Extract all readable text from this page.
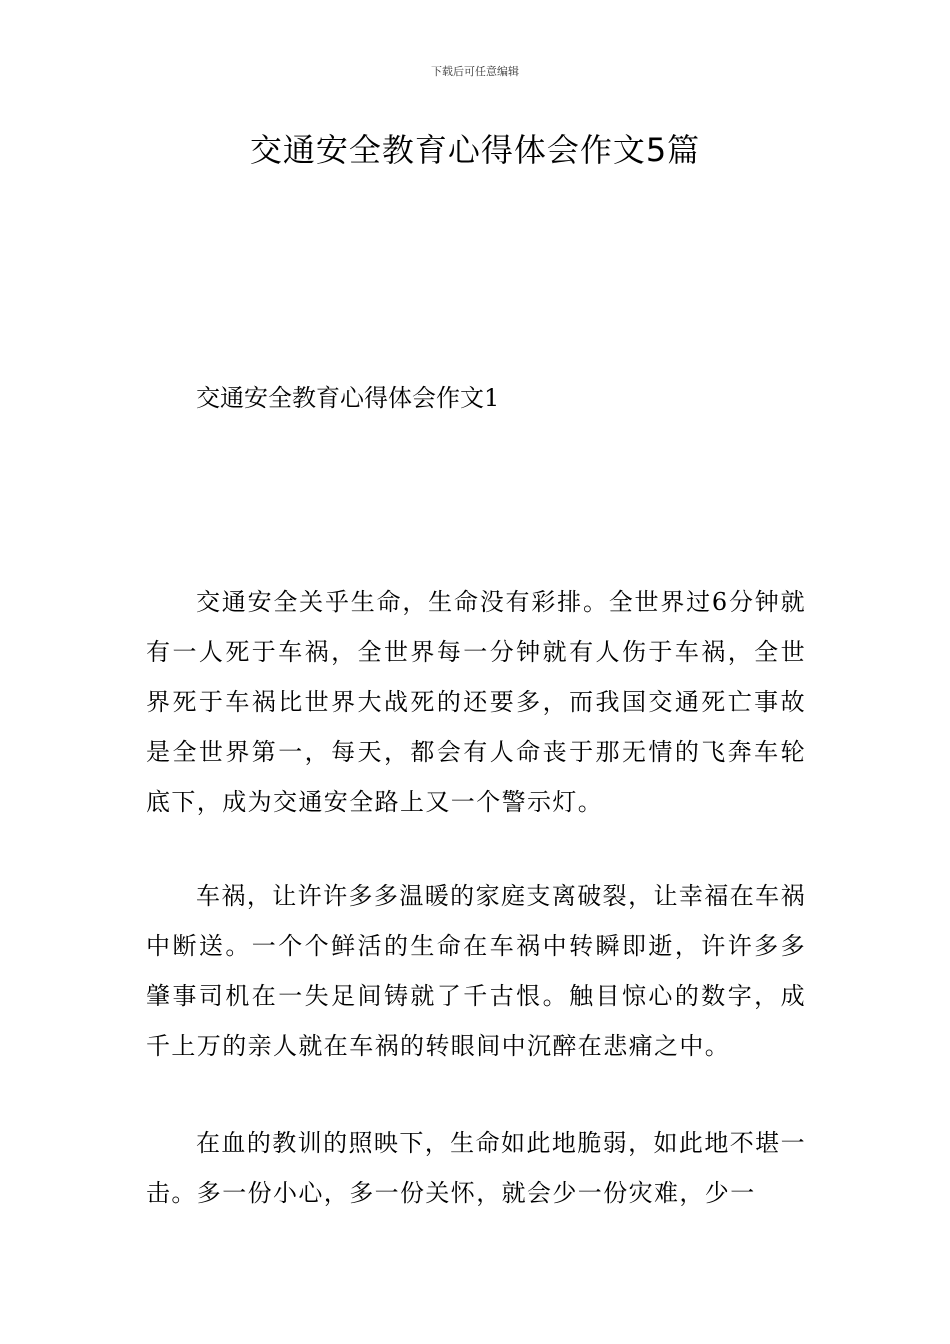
下载后可任意编辑
交通安全教育心得体会作文5篇
交通安全教育心得体会作文1

交通安全关乎生命，生命没有彩排。全世界过6分钟就有一人死于车祸，全世界每一分钟就有人伤于车祸，全世界死于车祸比世界大战死的还要多，而我国交通死亡事故是全世界第一，每天，都会有人命丧于那无情的飞奔车轮底下，成为交通安全路上又一个警示灯。

车祸，让许许多多温暖的家庭支离破裂，让幸福在车祸中断送。一个个鲜活的生命在车祸中转瞬即逝，许许多多肇事司机在一失足间铸就了千古恨。触目惊心的数字，成千上万的亲人就在车祸的转眼间中沉醉在悲痛之中。

在血的教训的照映下，生命如此地脆弱，如此地不堪一击。多一份小心，多一份关怀，就会少一份灾难，少一
